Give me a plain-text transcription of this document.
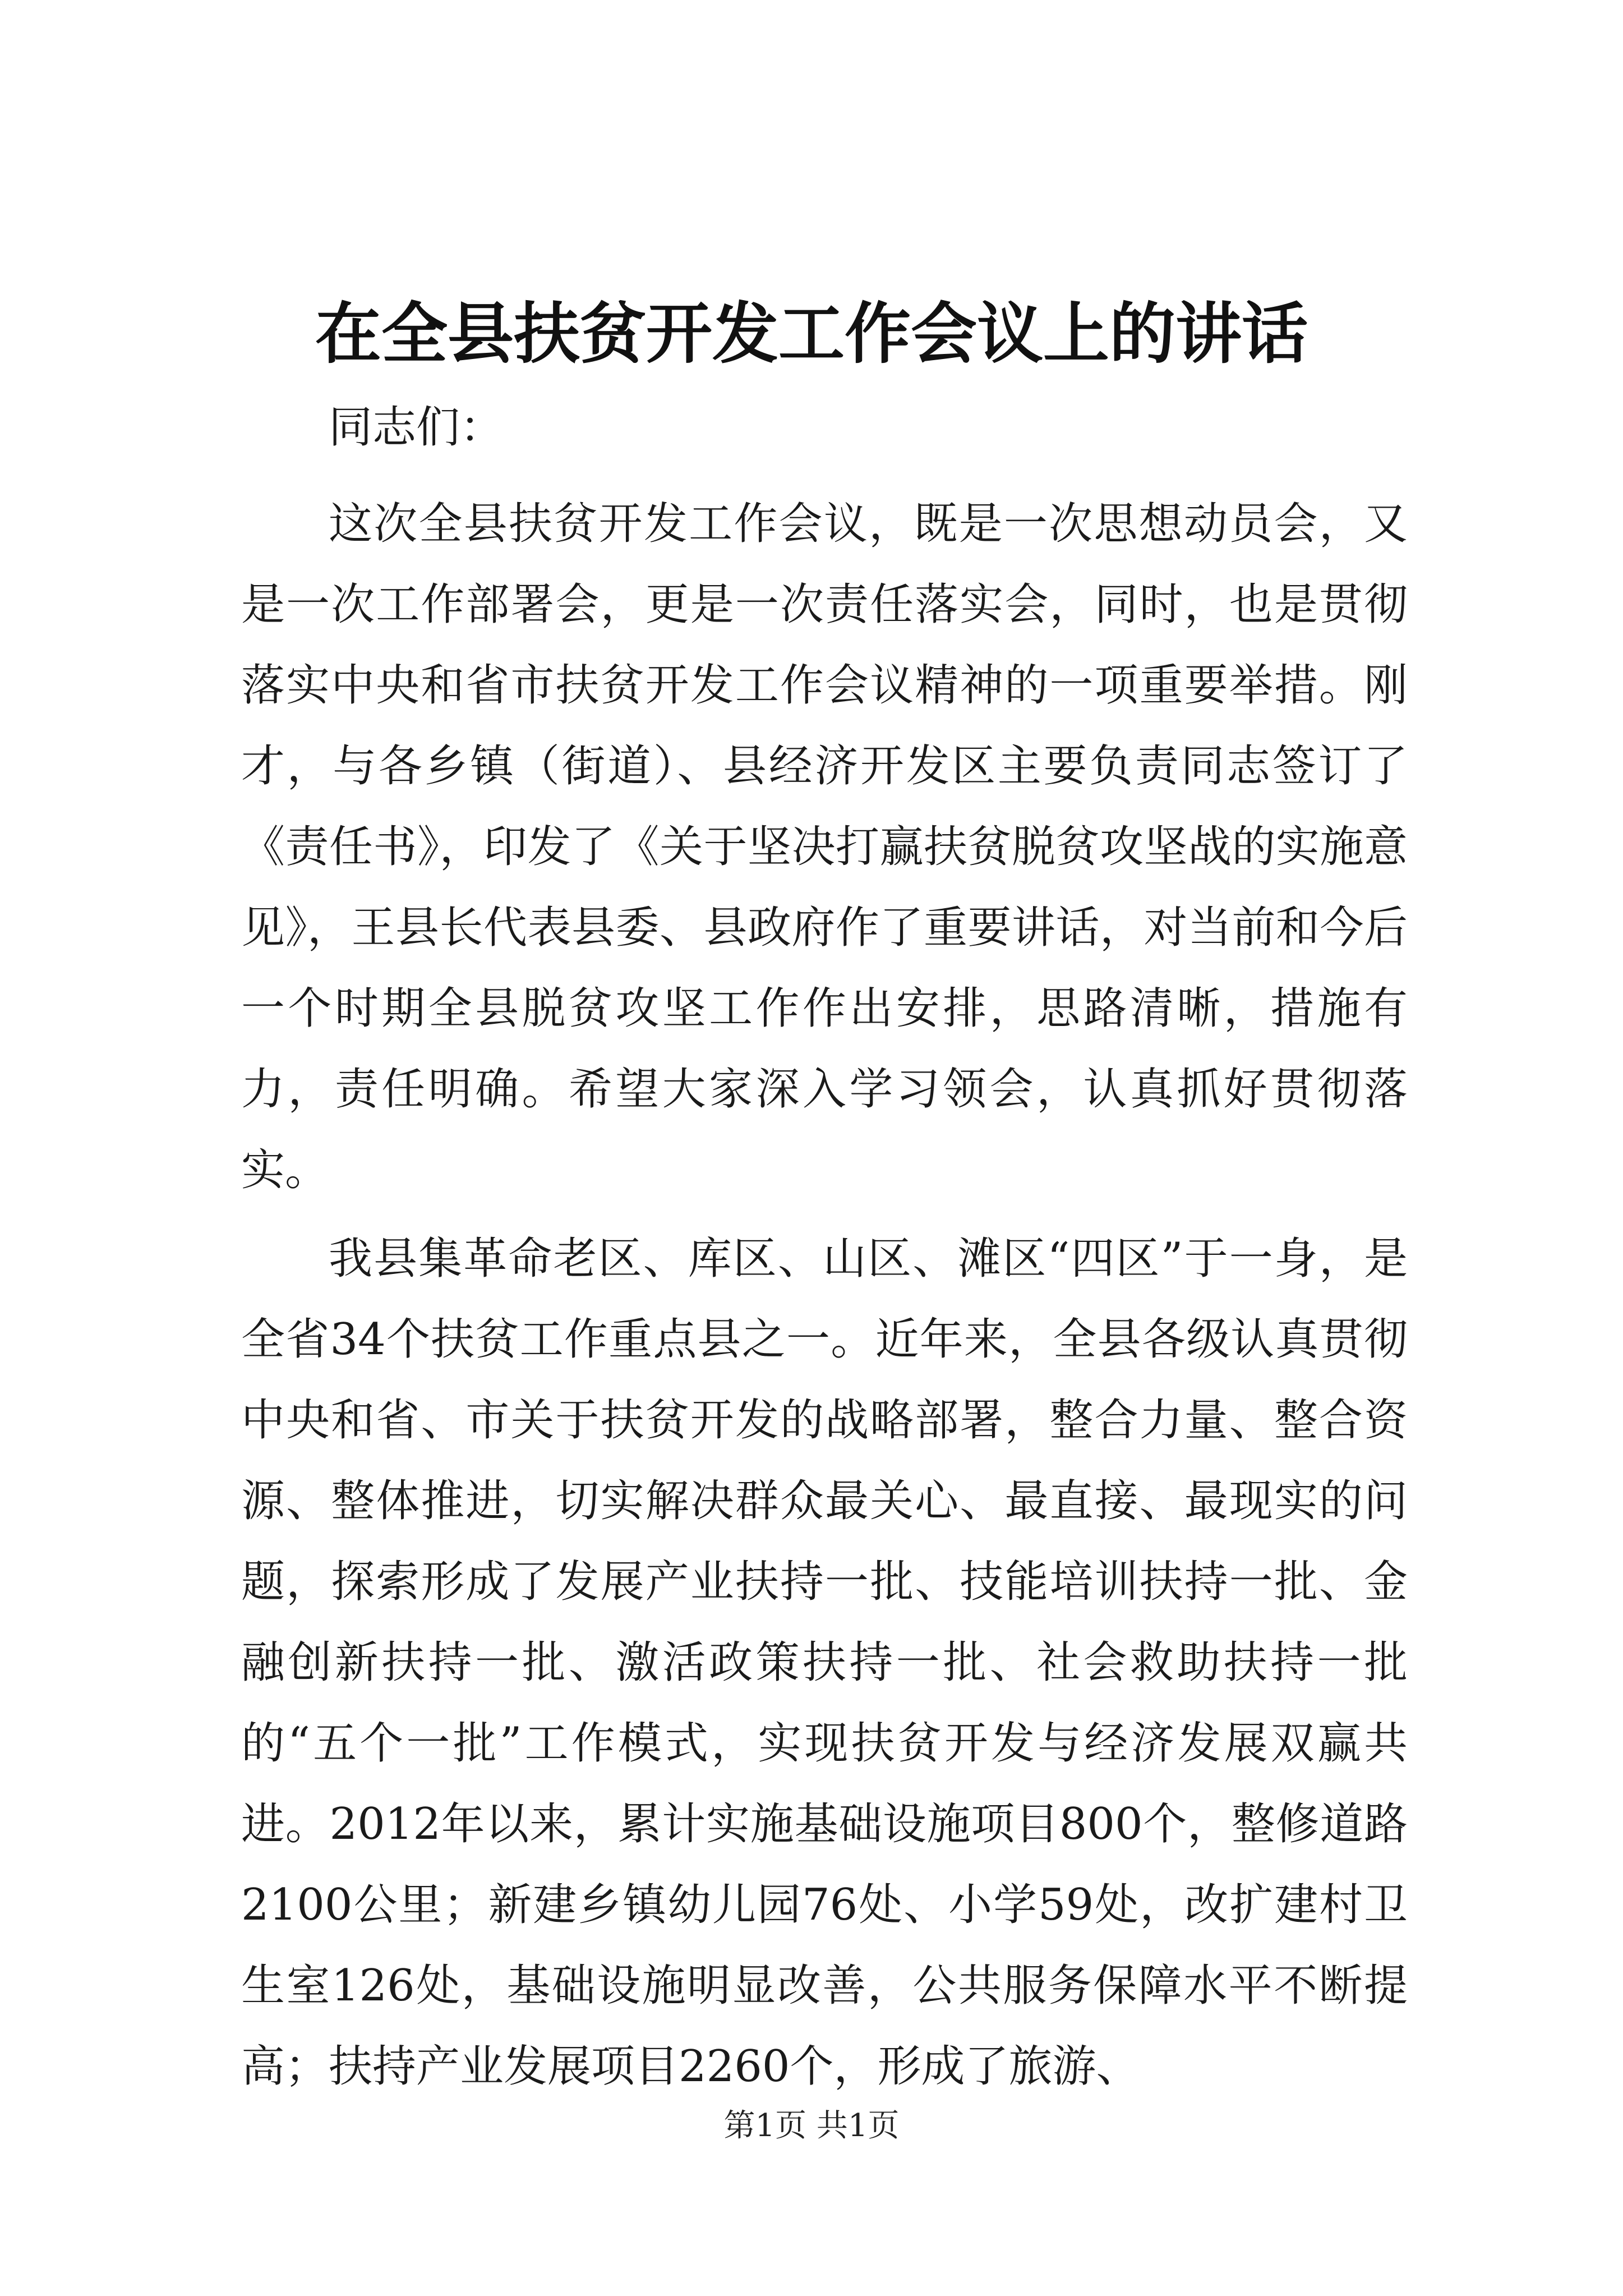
在全县扶贫开发工作会议上的讲话

同志们：

这次全县扶贫开发工作会议，既是一次思想动员会，又是一次工作部署会，更是一次责任落实会，同时，也是贯彻落实中央和省市扶贫开发工作会议精神的一项重要举措。刚才，与各乡镇（街道）、县经济开发区主要负责同志签订了《责任书》，印发了《关于坚决打赢扶贫脱贫攻坚战的实施意见》，王县长代表县委、县政府作了重要讲话，对当前和今后一个时期全县脱贫攻坚工作作出安排，思路清晰，措施有力，责任明确。希望大家深入学习领会，认真抓好贯彻落实。

我县集革命老区、库区、山区、滩区“四区”于一身，是全省34个扶贫工作重点县之一。近年来，全县各级认真贯彻中央和省、市关于扶贫开发的战略部署，整合力量、整合资源、整体推进，切实解决群众最关心、最直接、最现实的问题，探索形成了发展产业扶持一批、技能培训扶持一批、金融创新扶持一批、激活政策扶持一批、社会救助扶持一批的“五个一批”工作模式，实现扶贫开发与经济发展双赢共进。2012年以来，累计实施基础设施项目800个，整修道路2100公里；新建乡镇幼儿园76处、小学59处，改扩建村卫生室126处，基础设施明显改善，公共服务保障水平不断提高；扶持产业发展项目2260个，形成了旅游、

第1页 共1页
